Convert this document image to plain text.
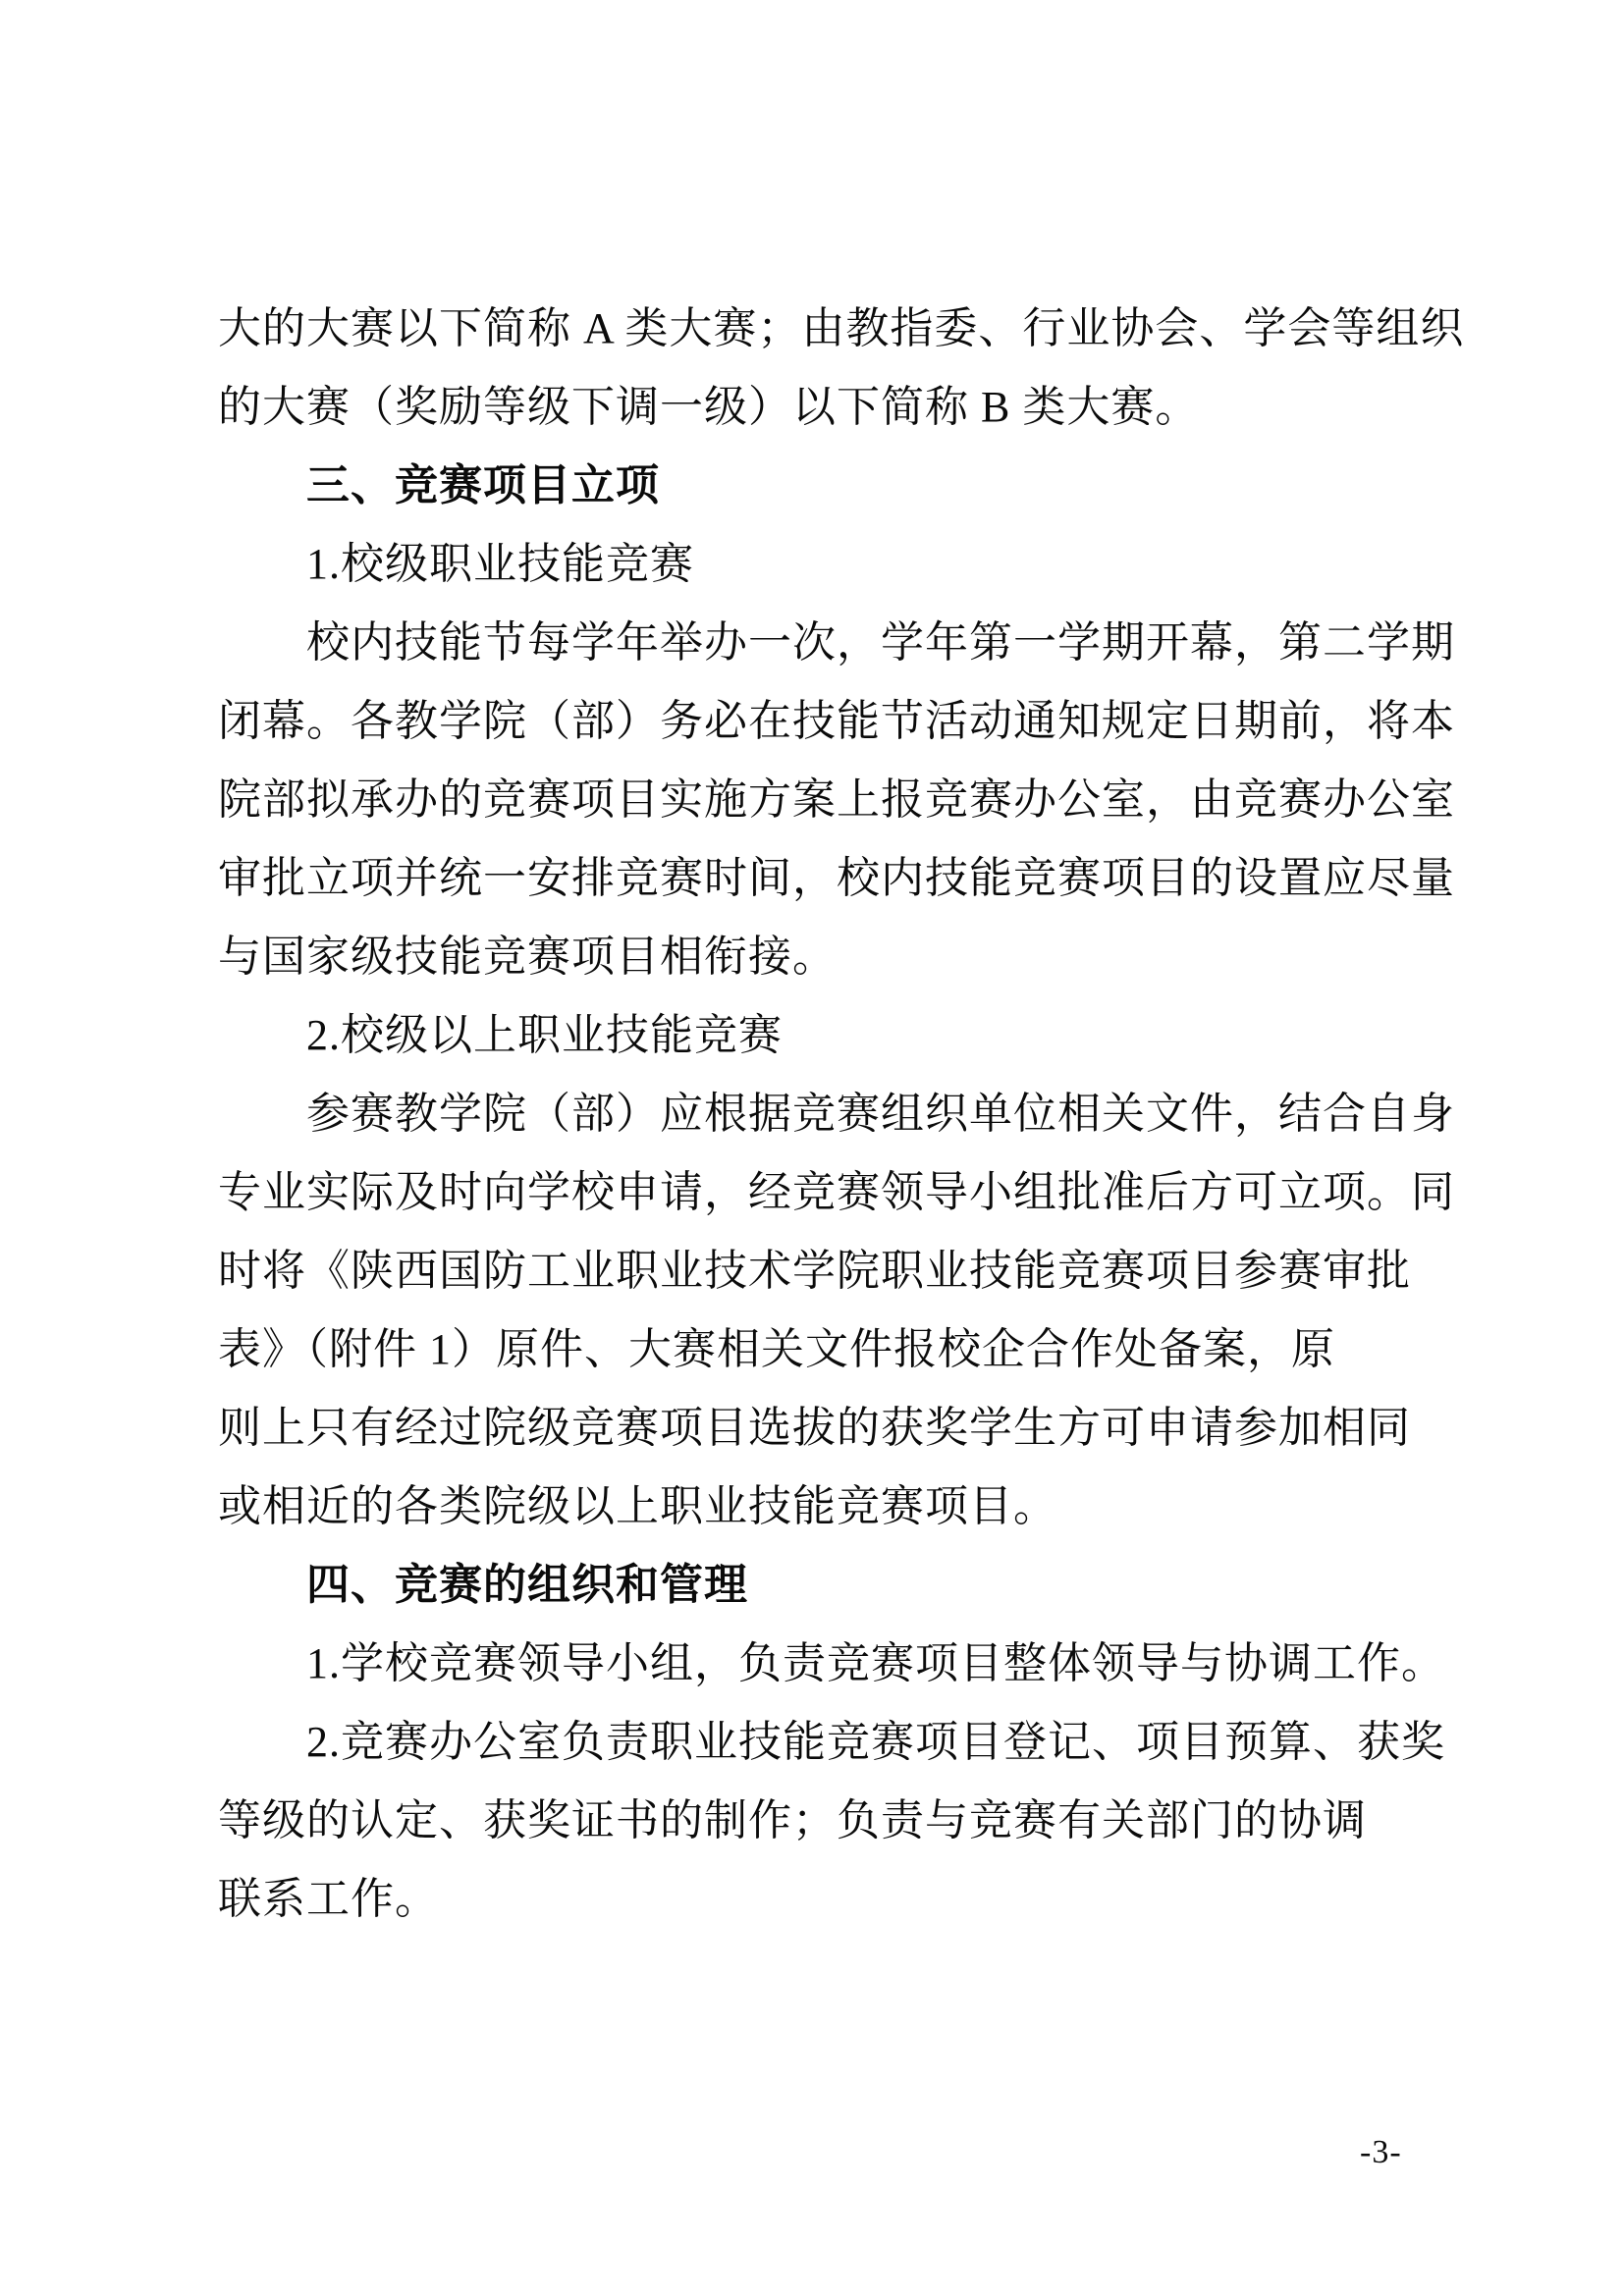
大的大赛以下简称 A 类大赛；由教指委、行业协会、学会等组织
的大赛（奖励等级下调一级）以下简称 B 类大赛。
三、竞赛项目立项
1.校级职业技能竞赛
校内技能节每学年举办一次，学年第一学期开幕，第二学期
闭幕。各教学院（部）务必在技能节活动通知规定日期前，将本
院部拟承办的竞赛项目实施方案上报竞赛办公室，由竞赛办公室
审批立项并统一安排竞赛时间，校内技能竞赛项目的设置应尽量
与国家级技能竞赛项目相衔接。
2.校级以上职业技能竞赛
参赛教学院（部）应根据竞赛组织单位相关文件，结合自身
专业实际及时向学校申请，经竞赛领导小组批准后方可立项。同
时将《陕西国防工业职业技术学院职业技能竞赛项目参赛审批
表》（附件 1）原件、大赛相关文件报校企合作处备案，原
则上只有经过院级竞赛项目选拔的获奖学生方可申请参加相同
或相近的各类院级以上职业技能竞赛项目。
四、竞赛的组织和管理
1.学校竞赛领导小组，负责竞赛项目整体领导与协调工作。
2.竞赛办公室负责职业技能竞赛项目登记、项目预算、获奖
等级的认定、获奖证书的制作；负责与竞赛有关部门的协调
联系工作。
-3-
